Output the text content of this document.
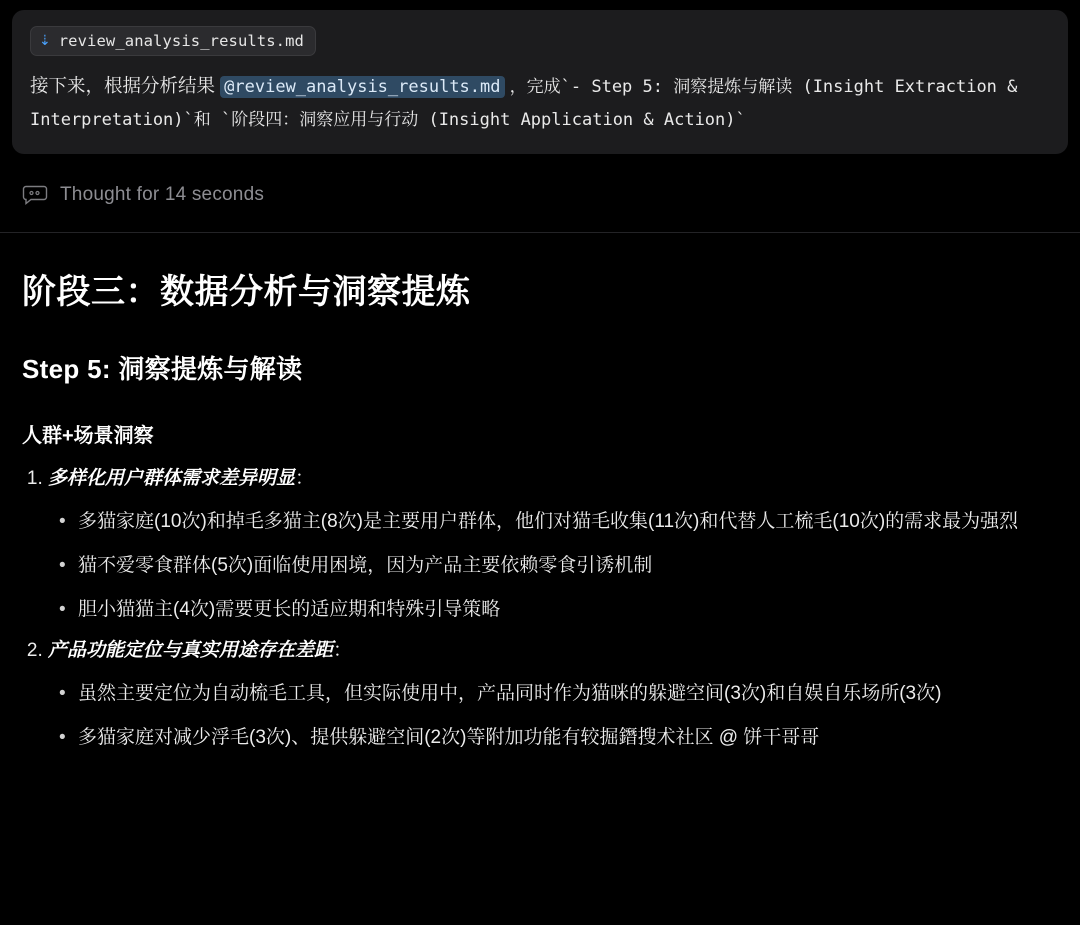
⇣ review_analysis_results.md
接下来，根据分析结果 @review_analysis_results.md ，完成`- Step 5: 洞察提炼与解读 (Insight Extraction & Interpretation)`和 `阶段四：洞察应用与行动 (Insight Application & Action)`
Thought for 14 seconds
阶段三：数据分析与洞察提炼
Step 5: 洞察提炼与解读
人群+场景洞察
1. 多样化用户群体需求差异明显：
• 多猫家庭(10次)和掉毛多猫主(8次)是主要用户群体，他们对猫毛收集(11次)和代替人工梳毛(10次)的需求最为强烈
• 猫不爱零食群体(5次)面临使用困境，因为产品主要依赖零食引诱机制
• 胆小猫猫主(4次)需要更长的适应期和特殊引导策略
2. 产品功能定位与真实用途存在差距：
• 虽然主要定位为自动梳毛工具，但实际使用中，产品同时作为猫咪的躲避空间(3次)和自娱自乐场所(3次)
• 多猫家庭对减少浮毛(3次)、提供躲避空间(2次)等附加功能有较掘鐕搜术社区 @ 饼干哥哥
